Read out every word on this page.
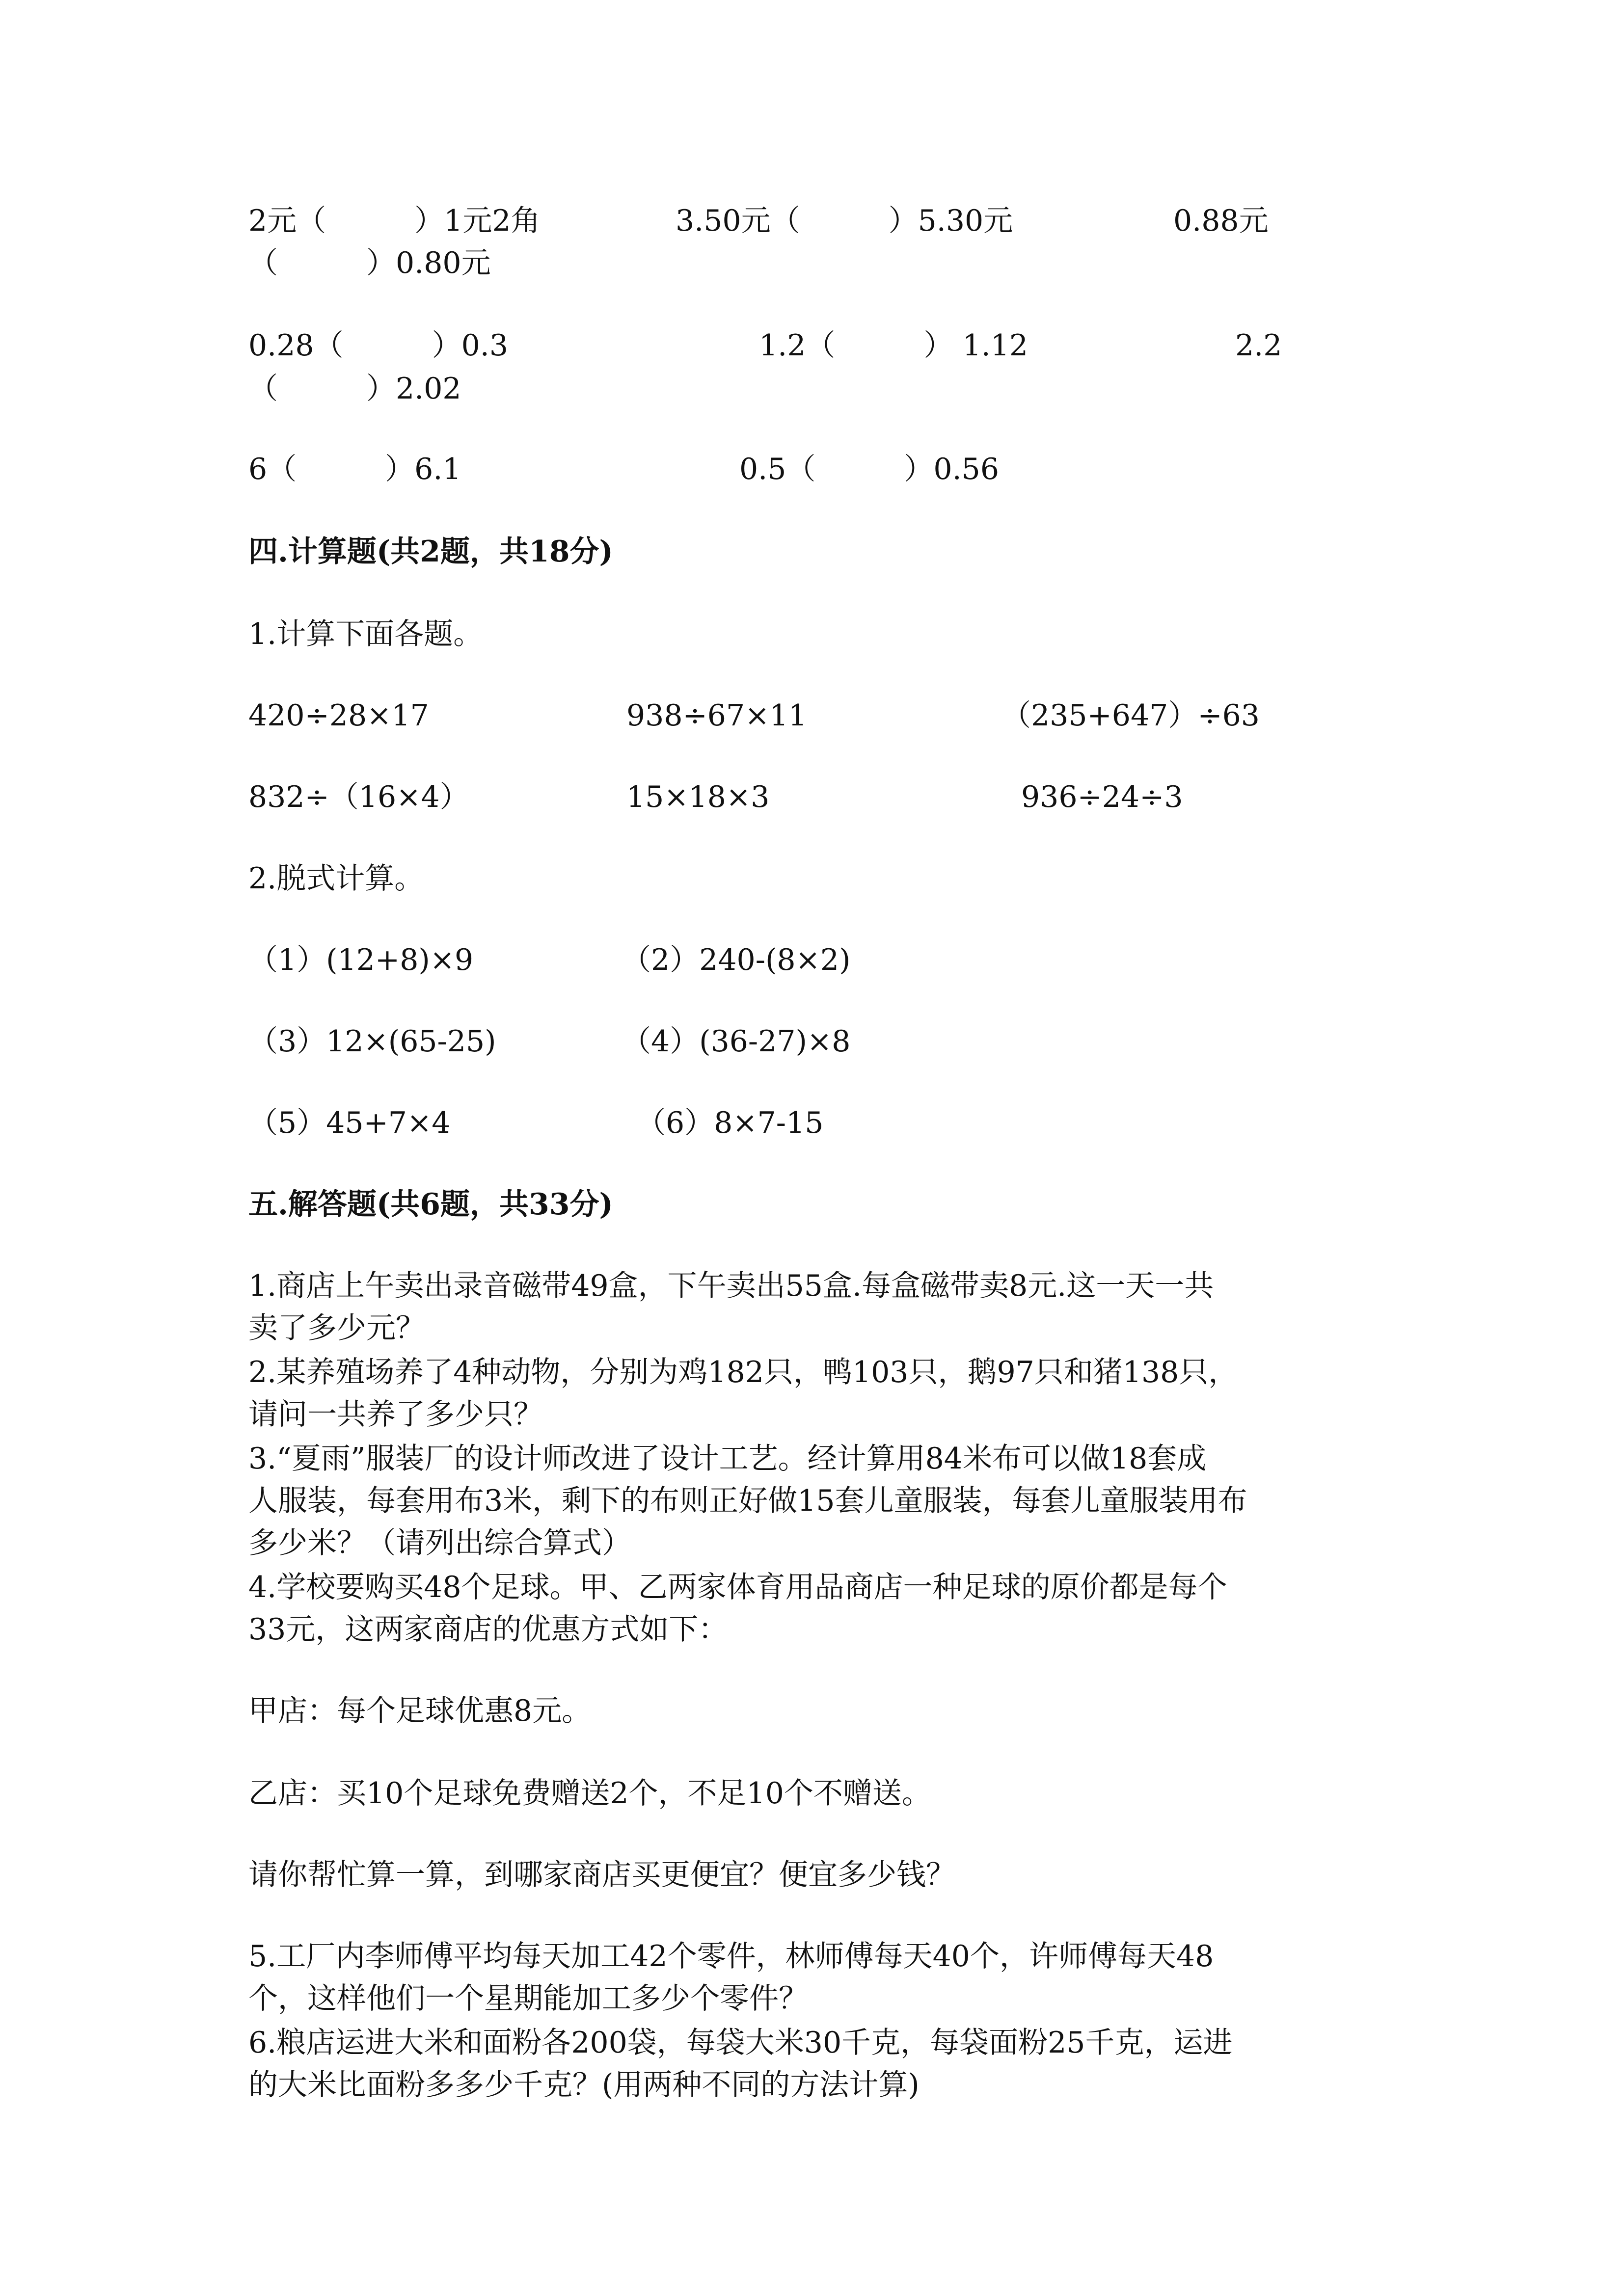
2元（　　　）1元2角	3.50元（　　　）5.30元	0.88元
（　　　）0.80元
0.28（　　　）0.3	1.2（　　　） 1.12	2.2
（　　　）2.02
6（　　　）6.1	0.5（　　　）0.56
四.计算题(共2题，共18分)
1.计算下面各题。
420÷28×17	938÷67×11	（235+647）÷63
832÷（16×4）	15×18×3	936÷24÷3
2.脱式计算。
（1）(12+8)×9	（2）240-(8×2)
（3）12×(65-25)	（4）(36-27)×8
（5）45+7×4	（6）8×7-15
五.解答题(共6题，共33分)
1.商店上午卖出录音磁带49盒，下午卖出55盒.每盒磁带卖8元.这一天一共
卖了多少元？
2.某养殖场养了4种动物，分别为鸡182只，鸭103只，鹅97只和猪138只，
请问一共养了多少只？
3.“夏雨”服装厂的设计师改进了设计工艺。经计算用84米布可以做18套成
人服装，每套用布3米，剩下的布则正好做15套儿童服装，每套儿童服装用布
多少米？（请列出综合算式）
4.学校要购买48个足球。甲、乙两家体育用品商店一种足球的原价都是每个
33元，这两家商店的优惠方式如下：
甲店：每个足球优惠8元。
乙店：买10个足球免费赠送2个，不足10个不赠送。
请你帮忙算一算，到哪家商店买更便宜？便宜多少钱？
5.工厂内李师傅平均每天加工42个零件，林师傅每天40个，许师傅每天48
个，这样他们一个星期能加工多少个零件？
6.粮店运进大米和面粉各200袋，每袋大米30千克，每袋面粉25千克，运进
的大米比面粉多多少千克？(用两种不同的方法计算)
